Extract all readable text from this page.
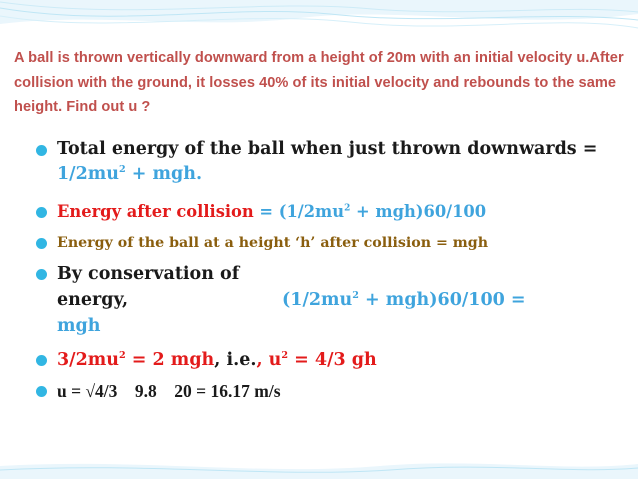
A ball is thrown vertically downward from a height of 20m with an initial velocity u.After collision with the ground, it losses 40% of its initial velocity and rebounds to the same height. Find out u ?
Total energy of the ball when just thrown downwards = $1/2mu^2$ + mgh.
Energy after collision = $(1/2mu^2 + mgh)60/100$
Energy of the ball at a height ‘h’ after collision = mgh
By conservation of
energy,	$(1/2mu^2 + mgh)60/100$ =
mgh
$3/2mu^2 = 2$ mgh, i.e., $u^2 = 4/3$ gh
u = √4/3    9.8    20 = 16.17 m/s
